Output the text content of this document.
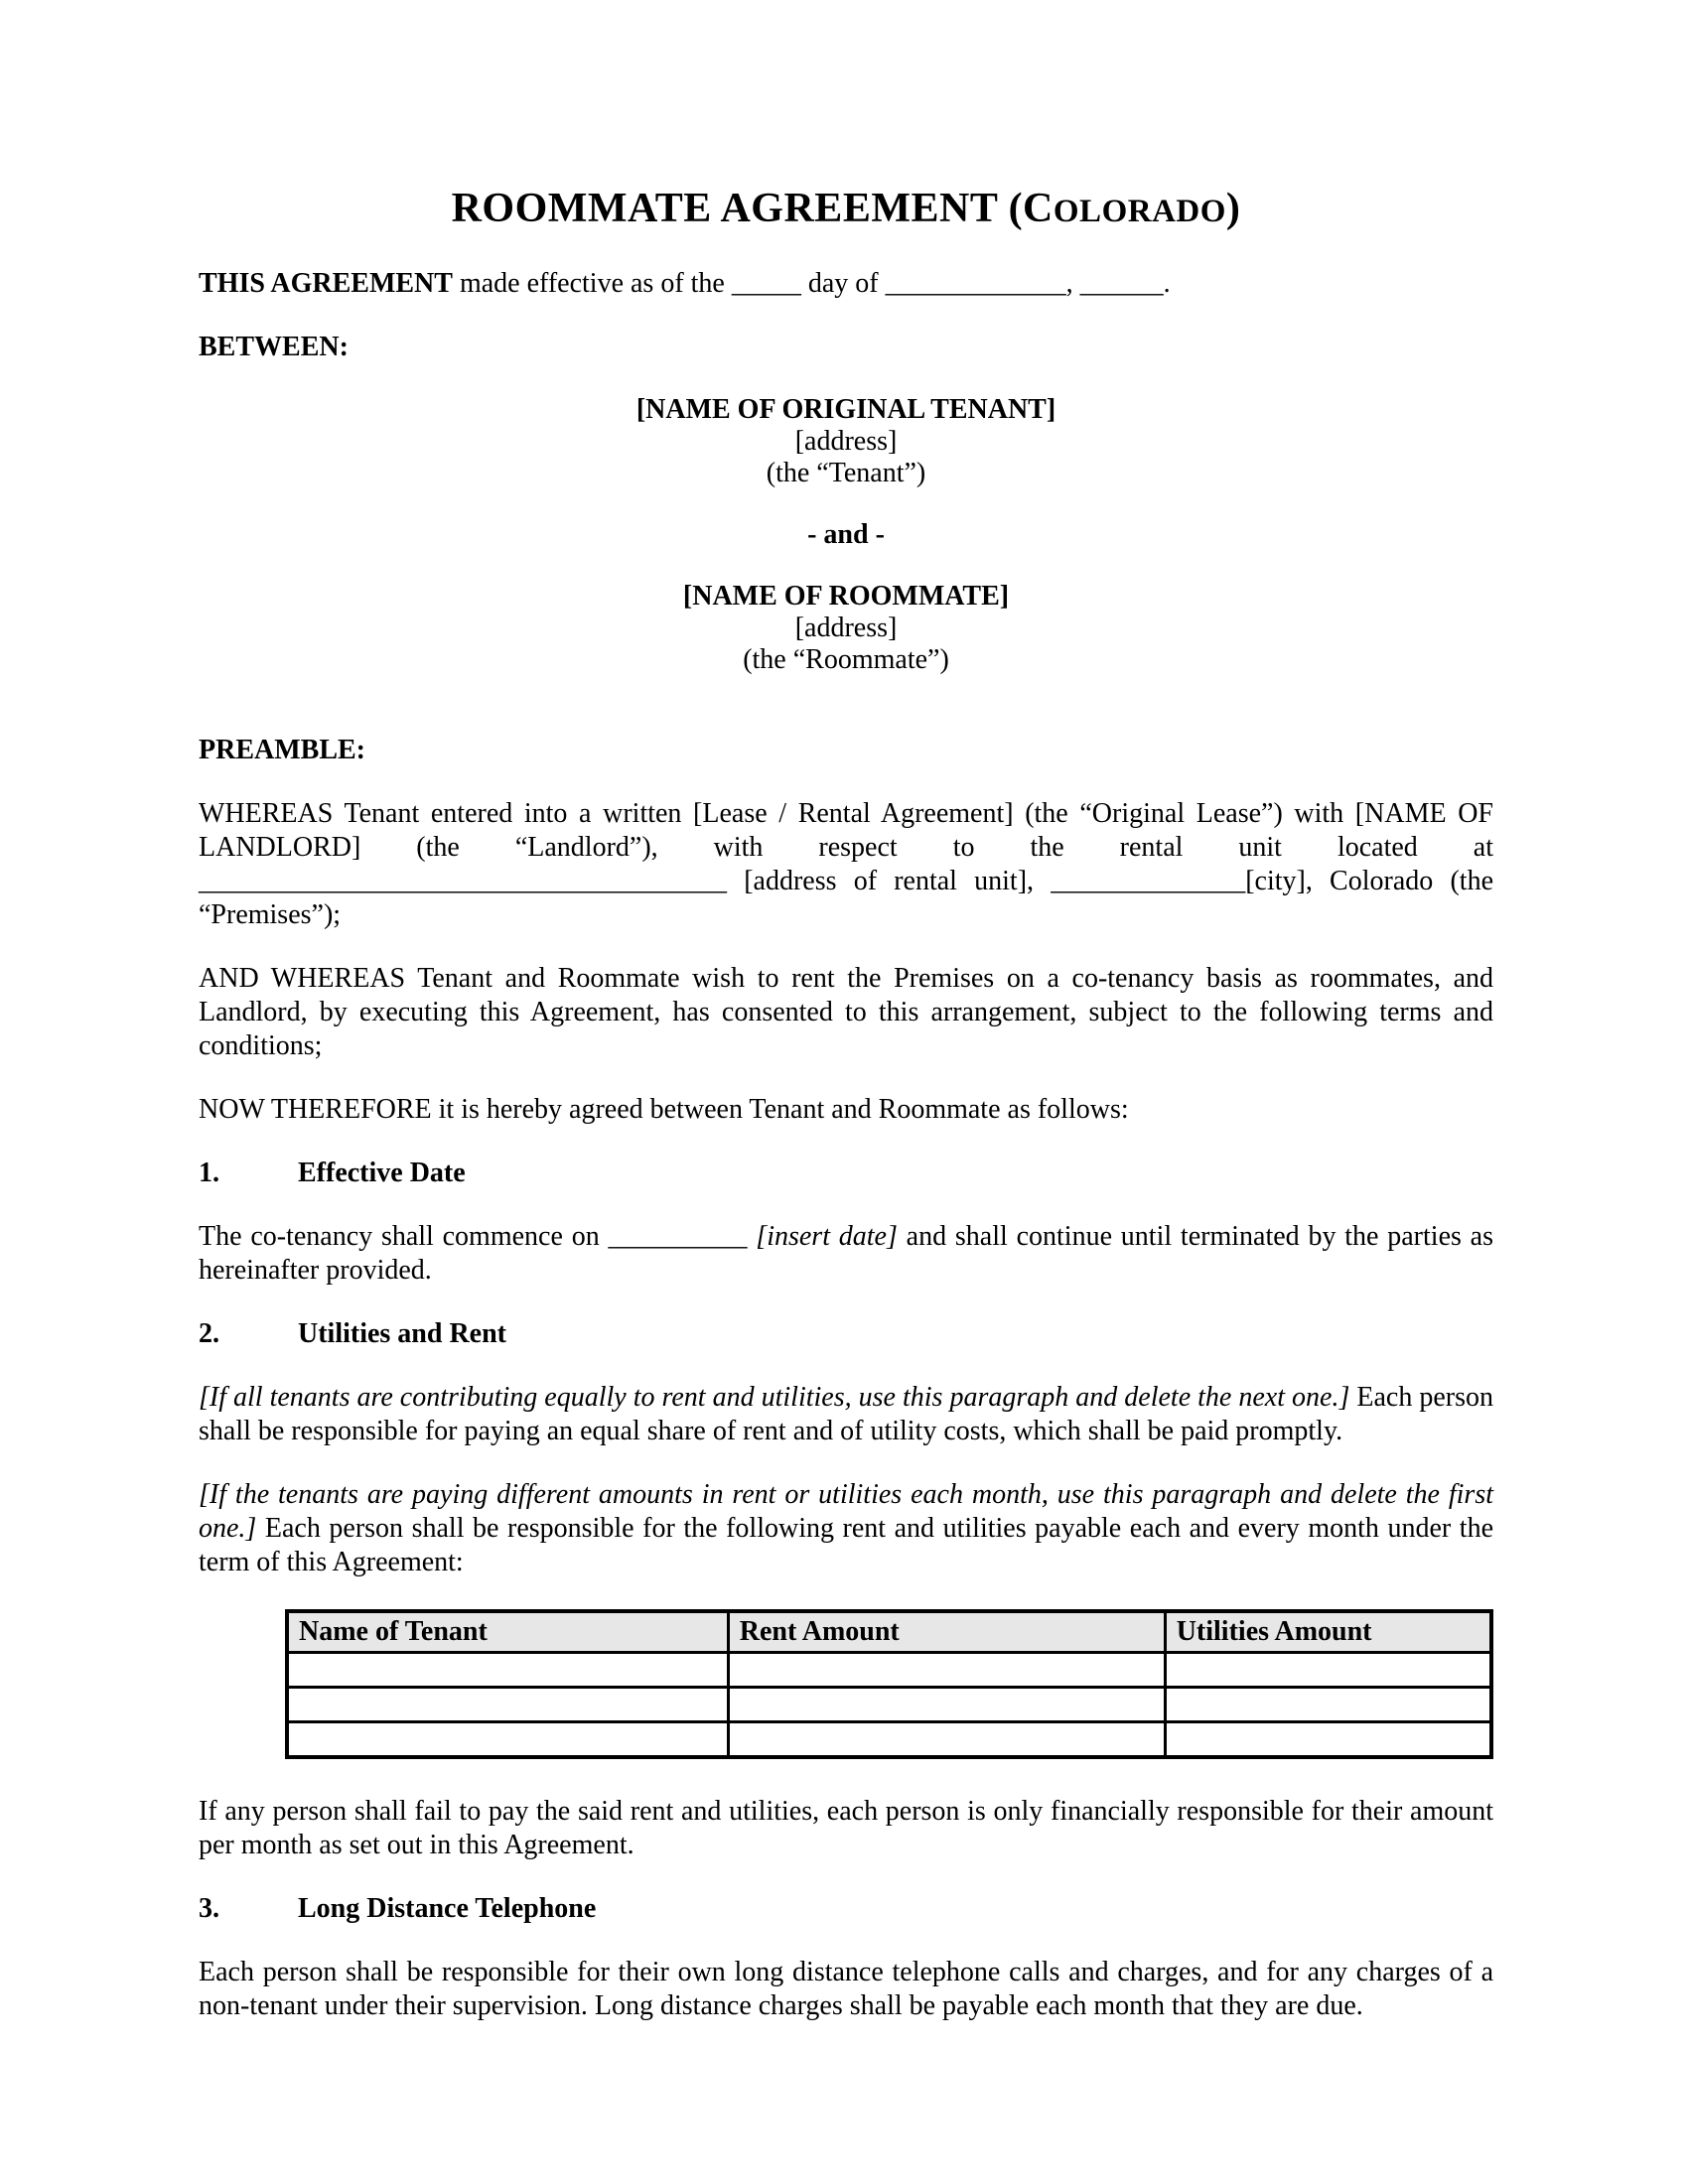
ROOMMATE AGREEMENT (COLORADO)

THIS AGREEMENT made effective as of the _____ day of _____________, ______.

BETWEEN:

[NAME OF ORIGINAL TENANT]
[address]
(the “Tenant”)
- and -
[NAME OF ROOMMATE]
[address]
(the “Roommate”)

PREAMBLE:

WHEREAS Tenant entered into a written [Lease / Rental Agreement] (the “Original Lease”) with [NAME OF LANDLORD] (the “Landlord”), with respect to the rental unit located at ______________________________________ [address of rental unit], ______________[city], Colorado (the “Premises”);

AND WHEREAS Tenant and Roommate wish to rent the Premises on a co-tenancy basis as roommates, and Landlord, by executing this Agreement, has consented to this arrangement, subject to the following terms and conditions;

NOW THEREFORE it is hereby agreed between Tenant and Roommate as follows:

1.	Effective Date

The co-tenancy shall commence on __________ [insert date] and shall continue until terminated by the parties as hereinafter provided.

2.	Utilities and Rent

[If all tenants are contributing equally to rent and utilities, use this paragraph and delete the next one.] Each person shall be responsible for paying an equal share of rent and of utility costs, which shall be paid promptly.

[If the tenants are paying different amounts in rent or utilities each month, use this paragraph and delete the first one.] Each person shall be responsible for the following rent and utilities payable each and every month under the term of this Agreement:

Name of Tenant	Rent Amount	Utilities Amount

If any person shall fail to pay the said rent and utilities, each person is only financially responsible for their amount per month as set out in this Agreement.

3.	Long Distance Telephone

Each person shall be responsible for their own long distance telephone calls and charges, and for any charges of a non-tenant under their supervision. Long distance charges shall be payable each month that they are due.
